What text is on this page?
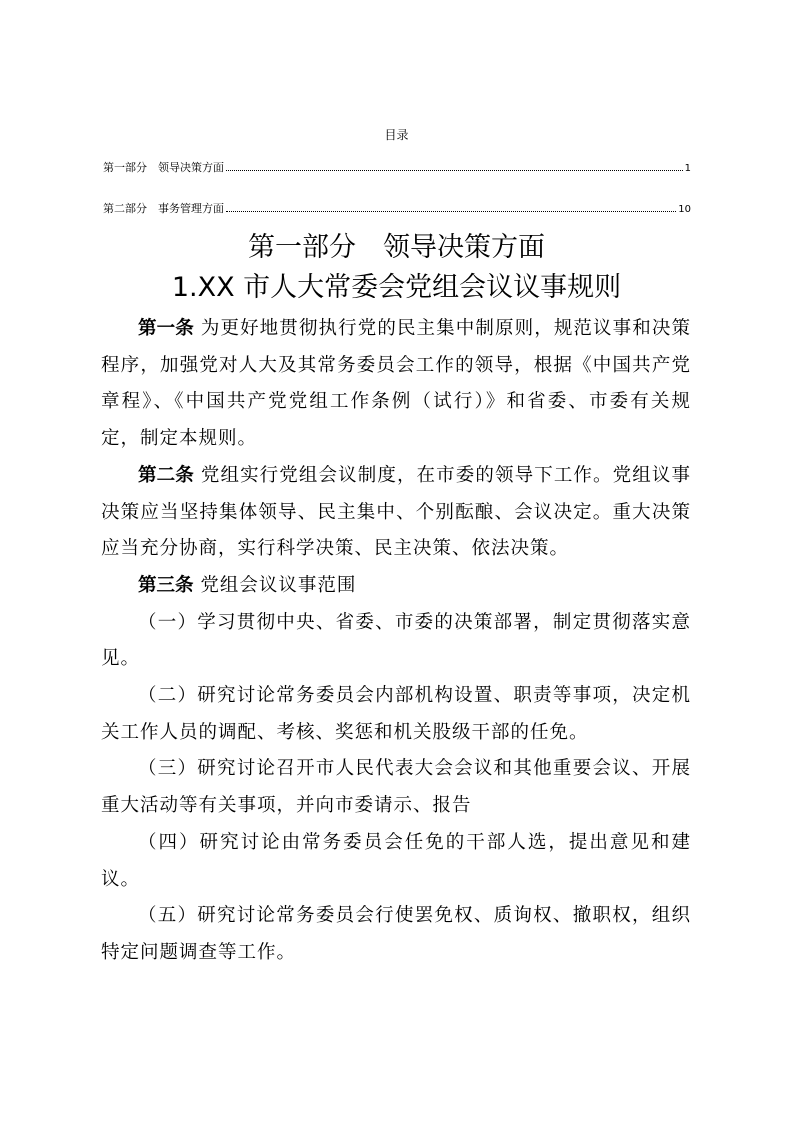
目录
第一部分　领导决策方面	1
第二部分　事务管理方面	10
第一部分　领导决策方面
1.XX 市人大常委会党组会议议事规则

第一条 为更好地贯彻执行党的民主集中制原则，规范议事和决策程序，加强党对人大及其常务委员会工作的领导，根据《中国共产党章程》、《中国共产党党组工作条例（试行）》和省委、市委有关规定，制定本规则。

第二条 党组实行党组会议制度，在市委的领导下工作。党组议事决策应当坚持集体领导、民主集中、个别酝酿、会议决定。重大决策应当充分协商，实行科学决策、民主决策、依法决策。

第三条 党组会议议事范围

（一）学习贯彻中央、省委、市委的决策部署，制定贯彻落实意见。

（二）研究讨论常务委员会内部机构设置、职责等事项，决定机关工作人员的调配、考核、奖惩和机关股级干部的任免。

（三）研究讨论召开市人民代表大会会议和其他重要会议、开展重大活动等有关事项，并向市委请示、报告

（四）研究讨论由常务委员会任免的干部人选，提出意见和建议。

（五）研究讨论常务委员会行使罢免权、质询权、撤职权，组织特定问题调查等工作。
